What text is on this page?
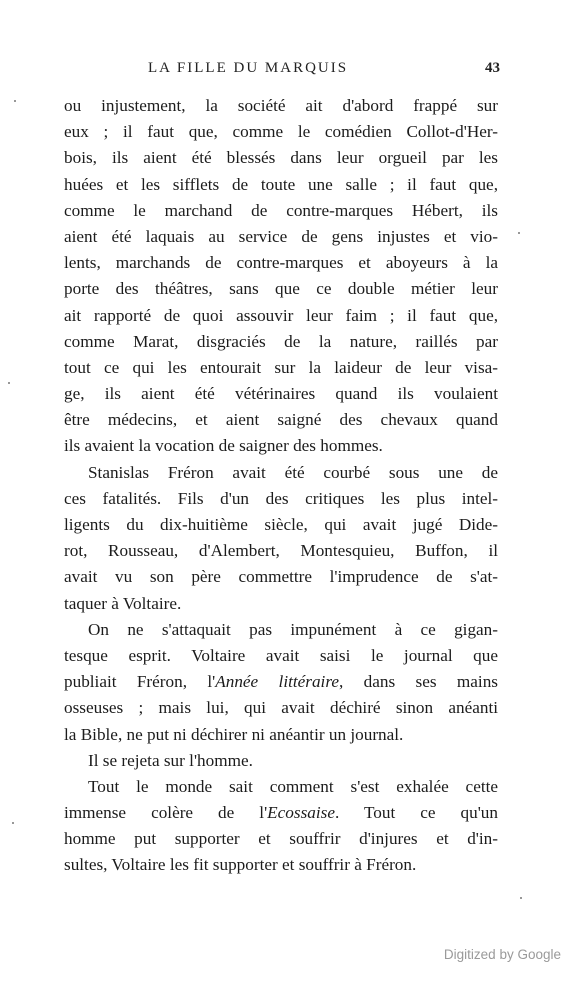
LA FILLE DU MARQUIS	43
ou injustement, la société ait d'abord frappé sur
eux ; il faut que, comme le comédien Collot-d'Her-
bois, ils aient été blessés dans leur orgueil par les
huées et les sifflets de toute une salle ; il faut que,
comme le marchand de contre-marques Hébert, ils
aient été laquais au service de gens injustes et vio-
lents, marchands de contre-marques et aboyeurs à la
porte des théâtres, sans que ce double métier leur
ait rapporté de quoi assouvir leur faim ; il faut que,
comme Marat, disgraciés de la nature, raillés par
tout ce qui les entourait sur la laideur de leur visa-
ge, ils aient été vétérinaires quand ils voulaient
être médecins, et aient saigné des chevaux quand
ils avaient la vocation de saigner des hommes.
Stanislas Fréron avait été courbé sous une de
ces fatalités. Fils d'un des critiques les plus intel-
ligents du dix-huitième siècle, qui avait jugé Dide-
rot, Rousseau, d'Alembert, Montesquieu, Buffon, il
avait vu son père commettre l'imprudence de s'at-
taquer à Voltaire.
On ne s'attaquait pas impunément à ce gigan-
tesque esprit. Voltaire avait saisi le journal que
publiait Fréron, l'Année littéraire, dans ses mains
osseuses ; mais lui, qui avait déchiré sinon anéanti
la Bible, ne put ni déchirer ni anéantir un journal.
Il se rejeta sur l'homme.
Tout le monde sait comment s'est exhalée cette
immense colère de l'Ecossaise. Tout ce qu'un
homme put supporter et souffrir d'injures et d'in-
sultes, Voltaire les fit supporter et souffrir à Fréron.
Digitized by Google
